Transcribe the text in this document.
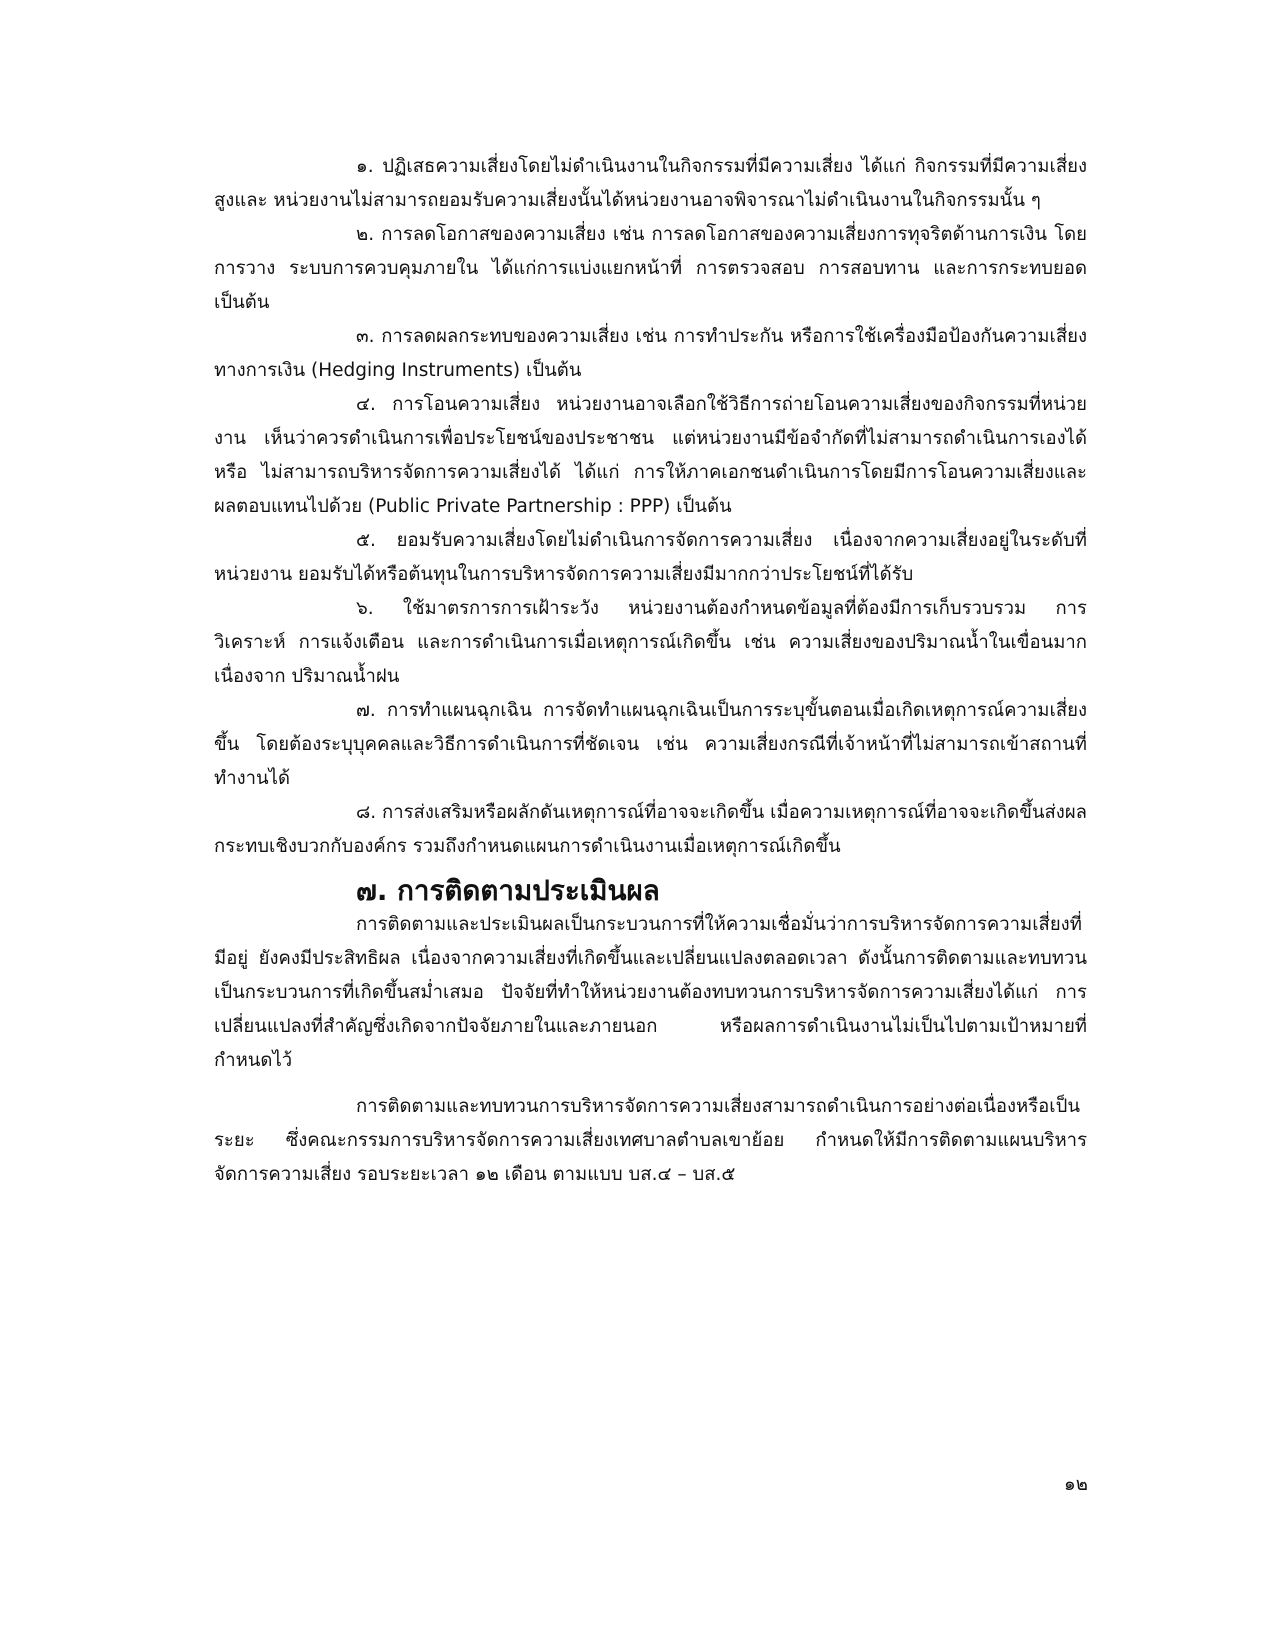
๑. ปฏิเสธความเสี่ยงโดยไม่ดำเนินงานในกิจกรรมที่มีความเสี่ยง ได้แก่ กิจกรรมที่มีความเสี่ยงสูงและ หน่วยงานไม่สามารถยอมรับความเสี่ยงนั้นได้หน่วยงานอาจพิจารณาไม่ดำเนินงานในกิจกรรมนั้น ๆ

๒. การลดโอกาสของความเสี่ยง เช่น การลดโอกาสของความเสี่ยงการทุจริตด้านการเงิน โดยการวาง ระบบการควบคุมภายใน ได้แก่การแบ่งแยกหน้าที่ การตรวจสอบ การสอบทาน และการกระทบยอดเป็นต้น

๓. การลดผลกระทบของความเสี่ยง เช่น การทำประกัน หรือการใช้เครื่องมือป้องกันความเสี่ยงทางการเงิน (Hedging Instruments) เป็นต้น

๔. การโอนความเสี่ยง หน่วยงานอาจเลือกใช้วิธีการถ่ายโอนความเสี่ยงของกิจกรรมที่หน่วยงาน เห็นว่าควรดำเนินการเพื่อประโยชน์ของประชาชน แต่หน่วยงานมีข้อจำกัดที่ไม่สามารถดำเนินการเองได้หรือ ไม่สามารถบริหารจัดการความเสี่ยงได้ ได้แก่ การให้ภาคเอกชนดำเนินการโดยมีการโอนความเสี่ยงและ ผลตอบแทนไปด้วย (Public Private Partnership : PPP) เป็นต้น

๕. ยอมรับความเสี่ยงโดยไม่ดำเนินการจัดการความเสี่ยง เนื่องจากความเสี่ยงอยู่ในระดับที่หน่วยงาน ยอมรับได้หรือต้นทุนในการบริหารจัดการความเสี่ยงมีมากกว่าประโยชน์ที่ได้รับ

๖. ใช้มาตรการการเฝ้าระวัง หน่วยงานต้องกำหนดข้อมูลที่ต้องมีการเก็บรวบรวม การวิเคราะห์ การแจ้งเตือน และการดำเนินการเมื่อเหตุการณ์เกิดขึ้น เช่น ความเสี่ยงของปริมาณน้ำในเขื่อนมากเนื่องจาก ปริมาณน้ำฝน

๗. การทำแผนฉุกเฉิน การจัดทำแผนฉุกเฉินเป็นการระบุขั้นตอนเมื่อเกิดเหตุการณ์ความเสี่ยงขึ้น โดยต้องระบุบุคคลและวิธีการดำเนินการที่ชัดเจน เช่น ความเสี่ยงกรณีที่เจ้าหน้าที่ไม่สามารถเข้าสถานที่ทำงานได้

๘. การส่งเสริมหรือผลักดันเหตุการณ์ที่อาจจะเกิดขึ้น เมื่อความเหตุการณ์ที่อาจจะเกิดขึ้นส่งผล กระทบเชิงบวกกับองค์กร รวมถึงกำหนดแผนการดำเนินงานเมื่อเหตุการณ์เกิดขึ้น

๗. การติดตามประเมินผล

การติดตามและประเมินผลเป็นกระบวนการที่ให้ความเชื่อมั่นว่าการบริหารจัดการความเสี่ยงที่มีอยู่ ยังคงมีประสิทธิผล เนื่องจากความเสี่ยงที่เกิดขึ้นและเปลี่ยนแปลงตลอดเวลา ดังนั้นการติดตามและทบทวนเป็นกระบวนการที่เกิดขึ้นสม่ำเสมอ ปัจจัยที่ทำให้หน่วยงานต้องทบทวนการบริหารจัดการความเสี่ยงได้แก่ การเปลี่ยนแปลงที่สำคัญซึ่งเกิดจากปัจจัยภายในและภายนอก หรือผลการดำเนินงานไม่เป็นไปตามเป้าหมายที่กำหนดไว้

การติดตามและทบทวนการบริหารจัดการความเสี่ยงสามารถดำเนินการอย่างต่อเนื่องหรือเป็นระยะ ซึ่งคณะกรรมการบริหารจัดการความเสี่ยงเทศบาลตำบลเขาย้อย กำหนดให้มีการติดตามแผนบริหารจัดการความเสี่ยง รอบระยะเวลา ๑๒ เดือน ตามแบบ บส.๔ – บส.๕

๑๒
